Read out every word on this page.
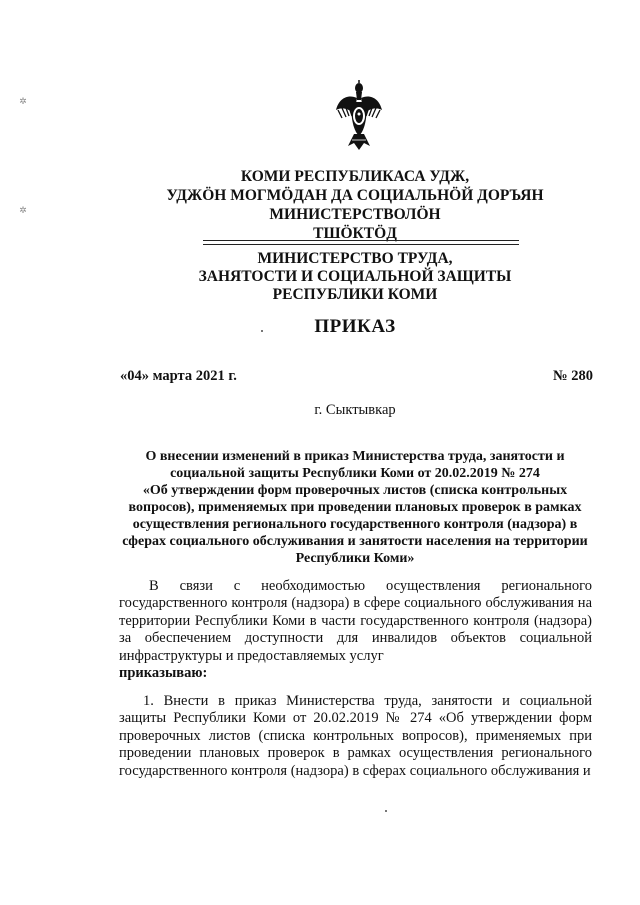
✲
✲
КОМИ РЕСПУБЛИКАСА УДЖ,
УДЖӦН МОГМӦДАН ДА СОЦИАЛЬНӦЙ ДОРЪЯН
МИНИСТЕРСТВОЛӦН
ТШӦКТӦД
МИНИСТЕРСТВО ТРУДА,
ЗАНЯТОСТИ И СОЦИАЛЬНОЙ ЗАЩИТЫ
РЕСПУБЛИКИ КОМИ
ПРИКАЗ
«04» марта 2021 г.	№ 280
г. Сыктывкар
О внесении изменений в приказ Министерства труда, занятости и
социальной защиты Республики Коми от 20.02.2019 № 274
«Об утверждении форм проверочных листов (списка контрольных
вопросов), применяемых при проведении плановых проверок в рамках
осуществления регионального государственного контроля (надзора) в
сферах социального обслуживания и занятости населения на территории
Республики Коми»
В связи с необходимостью осуществления регионального государственного контроля (надзора) в сфере социального обслуживания на территории Республики Коми в части государственного контроля (надзора) за обеспечением доступности для инвалидов объектов социальной инфраструктуры и предоставляемых услуг
приказываю:
1. Внести в приказ Министерства труда, занятости и социальной защиты Республики Коми от 20.02.2019 № 274 «Об утверждении форм проверочных листов (списка контрольных вопросов), применяемых при проведении плановых проверок в рамках осуществления регионального государственного контроля (надзора) в сферах социального обслуживания и
